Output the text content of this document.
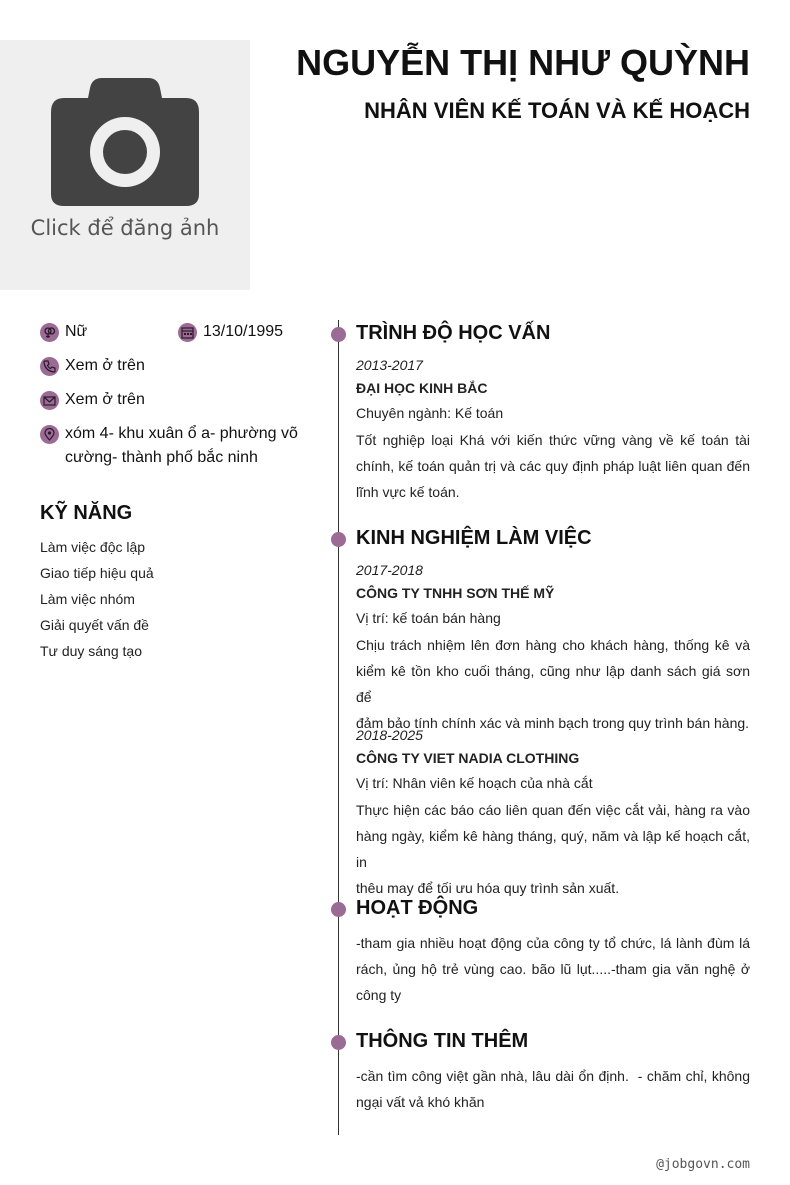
Click để đăng ảnh
NGUYỄN THỊ NHƯ QUỲNH
NHÂN VIÊN KẾ TOÁN VÀ KẾ HOẠCH
Nữ	13/10/1995
Xem ở trên
Xem ở trên
xóm 4- khu xuân ổ a- phường võ
cường- thành phố bắc ninh
KỸ NĂNG
Làm việc độc lập
Giao tiếp hiệu quả
Làm việc nhóm
Giải quyết vấn đề
Tư duy sáng tạo
TRÌNH ĐỘ HỌC VẤN
2013-2017
ĐẠI HỌC KINH BẮC
Chuyên ngành: Kế toán
Tốt nghiệp loại Khá với kiến thức vững vàng về kế toán tài
chính, kế toán quản trị và các quy định pháp luật liên quan đến
lĩnh vực kế toán.
KINH NGHIỆM LÀM VIỆC
2017-2018
CÔNG TY TNHH SƠN THẾ MỸ
Vị trí: kế toán bán hàng
Chịu trách nhiệm lên đơn hàng cho khách hàng, thống kê và
kiểm kê tồn kho cuối tháng, cũng như lập danh sách giá sơn để
đảm bảo tính chính xác và minh bạch trong quy trình bán hàng.
2018-2025
CÔNG TY VIET NADIA CLOTHING
Vị trí: Nhân viên kế hoạch của nhà cắt
Thực hiện các báo cáo liên quan đến việc cắt vải, hàng ra vào
hàng ngày, kiểm kê hàng tháng, quý, năm và lập kế hoạch cắt, in
thêu may để tối ưu hóa quy trình sản xuất.
HOẠT ĐỘNG
-tham gia nhiều hoạt động của công ty tổ chức, lá lành đùm lá
rách, ủng hộ trẻ vùng cao. bão lũ lụt.....-tham gia văn nghệ ở
công ty
THÔNG TIN THÊM
-cần tìm công việt gần nhà, lâu dài ổn định.  - chăm chỉ, không
ngại vất vả khó khăn
@jobgovn.com
